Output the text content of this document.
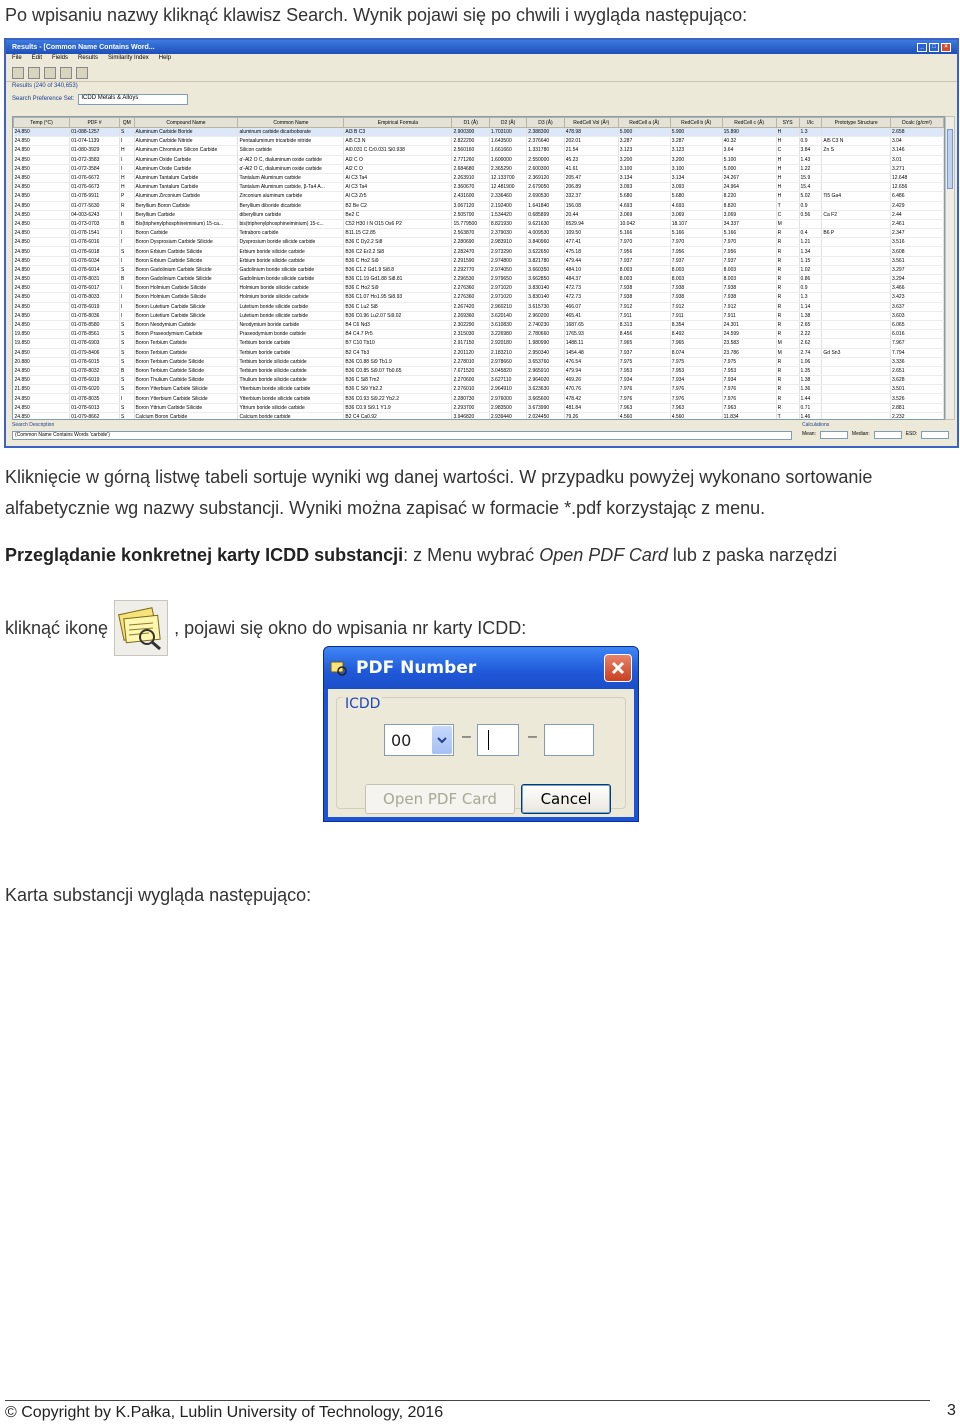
Po wpisaniu nazwy kliknąć klawisz Search. Wynik pojawi się po chwili i wygląda następująco:

Results - [Common Name Contains Word...	_ □ ×
File Edit Fields Results Similarity Index Help
Results (240 of 340,653)
Search Preference Set:	ICDD Metals & Alloys
Temp (°C)	PDF #	QM	Compound Name	Common Name	Empirical Formula	D1 (Å)	D2 (Å)	D3 (Å)	RedCell Vol (Å³)	RedCell a (Å)	RedCell b (Å)	RedCell c (Å)	SYS	I/Ic	Prototype Structure	Dcalc (g/cm³)
24.850	01-088-1257	S	Aluminum Carbide Boride	aluminum carbide dicarboborate	Al3 B C3	2.900300	1.703100	2.388300	478.98	5.900	5.900	15.890	H	1.3		2.658
24.850	01-074-1139	I	Aluminum Carbide Nitride	Pentaaluminum tricarbide nitride	Al5 C3 N	2.822200	1.643500	2.376640	202.01	3.287	3.287	40.32	H	0.9	Al5 C3 N	3.04
24.850	01-080-3929	H	Aluminum Chromium Silicon Carbide	Silicon carbide	Al0.031 C Cr0.031 Si0.938	2.560160	1.661660	1.331780	21.54	3.123	3.123	3.64	C	3.84	Zn S	3.146
24.850	01-072-3583	I	Aluminum Oxide Carbide	α'-Al2 O C, dialuminum oxide carbide	Al2 C O	2.771260	1.600000	2.550000	45.23	3.200	3.200	5.100	H	1.43		3.01
24.850	01-072-3584	I	Aluminum Oxide Carbide	α'-Al2 O C, dialuminum oxide carbide	Al2 C O	2.684680	2.365290	2.600300	41.61	3.100	3.100	5.000	H	1.22		3.271
24.850	01-076-6672	H	Aluminum Tantalum Carbide	Tantalum Aluminum carbide	Al C3 Ta4	2.263910	12.133700	2.369120	205.47	3.134	3.134	24.267	H	15.9		12.648
24.850	01-076-6673	H	Aluminum Tantalum Carbide	Tantalum Aluminum carbide, β-Ta4 A...	Al C3 Ta4	2.360670	12.481900	2.679050	206.89	3.093	3.093	24.964	H	15.4		12.656
24.850	01-078-9911	P	Aluminum Zirconium Carbide	Zirconium aluminum carbide	Al C3 Zr5	2.431600	2.336460	2.690530	332.37	5.680	5.680	8.220	H	5.02	Ti5 Ga4	6.486
24.850	01-077-5630	R	Beryllium Boron Carbide	Beryllium diboride dicarbide	B2 Be C2	3.067120	2.192400	1.641840	156.08	4.693	4.693	8.820	T	0.9		2.429
24.850	04-003-6243	I	Beryllium Carbide	diberyllium carbide	Be2 C	2.505700	1.534420	0.685899	20.44	3.069	3.069	3.069	C	0.56	Ca F2	2.44
24.850	01-073-0703	B	Bis(triphenylphosphineiminium) 15-ca...	bis(triphenylphosphineiminium) 15-c...	C52 H30 I N O15 Os6 P2	15.779500	8.821930	9.621630	6529.94	10.042	18.107	34.337	M			2.461
24.850	01-078-1541	I	Boron Carbide	Tetraboro carbide	B11.15 C2.85	2.563870	2.379030	4.009530	109.50	5.166	5.166	5.166	R	0.4	B6 P	2.347
24.850	01-078-6016	I	Boron Dysprosium Carbide Silicide	Dysprosium boride silicide carbide	B36 C Dy2.2 Si8	2.280690	2.983910	3.840960	477.41	7.970	7.970	7.970	R	1.21		3.516
24.850	01-078-6018	S	Boron Erbium Carbide Silicide	Erbium boride silicide carbide	B36 C2 Er2.2 Si8	2.282470	2.973290	3.622650	475.18	7.956	7.956	7.956	R	1.34		3.608
24.850	01-078-6034	I	Boron Erbium Carbide Silicide	Erbium boride silicide carbide	B36 C Ho2 Si9	2.291590	2.974800	3.821780	479.44	7.937	7.937	7.937	R	1.15		3.561
24.850	01-078-6014	S	Boron Gadolinium Carbide Silicide	Gadolinium boride silicide carbide	B36 C1.2 Gd1.9 Si8.8	2.292770	2.974050	3.660350	484.10	8.003	8.003	8.003	R	1.02		3.297
24.850	01-078-8031	B	Boron Gadolinium Carbide Silicide	Gadolinium boride silicide carbide	B36 C1.19 Gd1.88 Si8.81	2.296530	2.979650	3.662850	484.37	8.003	8.003	8.003	R	0.86		3.294
24.850	01-078-6017	I	Boron Holmium Carbide Silicide	Holmium boride silicide carbide	B36 C Ho2 Si9	2.276360	2.971020	3.830140	472.73	7.938	7.938	7.938	R	0.9		3.466
24.850	01-078-8033	I	Boron Holmium Carbide Silicide	Holmium boride silicide carbide	B36 C1.07 Ho1.95 Si8.93	2.276360	2.971020	3.830140	472.73	7.938	7.938	7.938	R	1.3		3.423
24.850	01-078-6019	I	Boron Lutetium Carbide Silicide	Lutetium boride silicide carbide	B36 C Lu2 Si8	2.267420	2.960210	3.615730	466.07	7.912	7.912	7.912	R	1.14		3.637
24.850	01-078-8036	I	Boron Lutetium Carbide Silicide	Lutetium boride silicide carbide	B36 C0.96 Lu2.07 Si9.02	2.269360	3.620140	2.960200	465.41	7.911	7.911	7.911	R	1.38		3.603
24.850	01-078-8580	S	Boron Neodymium Carbide	Neodymium boride carbide	B4 C6 Nd3	2.302290	3.610830	2.740230	1687.65	8.313	8.354	24.301	R	2.65		6.065
19.850	01-078-8561	S	Boron Praseodymium Carbide	Praseodymium boride carbide	B4 C4.7 Pr5	2.315030	3.226980	2.780660	1765.93	8.456	8.492	24.599	R	2.22		6.016
19.850	01-078-6903	S	Boron Terbium Carbide	Terbium boride carbide	B7 C10 Tb10	2.917150	2.920180	1.980990	1488.11	7.965	7.965	23.583	M	2.62		7.967
24.850	01-079-8406	S	Boron Terbium Carbide	Terbium boride carbide	B2 C4 Tb3	2.201120	2.183210	2.950340	1454.48	7.937	8.074	23.786	M	2.74	Gd Sn3	7.794
20.880	01-078-6015	S	Boron Terbium Carbide Silicide	Terbium boride silicide carbide	B36 C0.88 Si9 Tb1.9	2.278010	2.978660	3.653760	476.54	7.975	7.975	7.975	R	1.06		3.336
24.850	01-078-8032	B	Boron Terbium Carbide Silicide	Terbium boride silicide carbide	B36 C0.85 Si9.07 Tb0.65	7.671520	3.045820	2.965910	479.94	7.953	7.953	7.953	R	1.35		2.651
24.850	01-078-6019	S	Boron Thulium Carbide Silicide	Thulium boride silicide carbide	B36 C Si8 Tm2	2.270600	3.627110	2.964020	469.26	7.934	7.934	7.934	R	1.38		3.628
21.850	01-078-6020	S	Boron Ytterbium Carbide Silicide	Ytterbium boride silicide carbide	B36 C Si9 Yb2.2	2.276010	2.964910	3.623630	470.76	7.976	7.976	7.976	R	1.36		3.501
24.850	01-078-8035	I	Boron Ytterbium Carbide Silicide	Ytterbium boride silicide carbide	B36 C0.93 Si9.22 Yb2.2	2.280730	2.976000	3.665600	478.42	7.976	7.976	7.976	R	1.44		3.526
24.850	01-078-6013	S	Boron Yttrium Carbide Silicide	Yttrium boride silicide carbide	B36 C0.9 Si9.1 Y1.9	2.293700	2.983500	3.673990	481.84	7.963	7.963	7.963	R	0.71		2.881
24.850	01-079-8662	S	Calcium Boron Carbide	Calcium boride carbide	B2 C4 Ca0.92	3.946820	2.939440	2.024450	79.26	4.560	4.560	11.834	T	1.46		2.232
Search Description
(Common Name Contains Words 'carbide')
Calculations
Mean:	Median:	ESD:

Kliknięcie w górną listwę tabeli sortuje wyniki wg danej wartości. W przypadku powyżej wykonano sortowanie alfabetycznie wg nazwy substancji. Wyniki można zapisać w formacie *.pdf korzystając z menu.

Przeglądanie konkretnej karty ICDD substancji: z Menu wybrać Open PDF Card lub z paska narzędzi

kliknąć ikonę	, pojawi się okno do wpisania nr karty ICDD:

PDF Number
ICDD
00	–	–
Open PDF Card	Cancel

Karta substancji wygląda następująco:

© Copyright by K.Pałka, Lublin University of Technology, 2016	3
